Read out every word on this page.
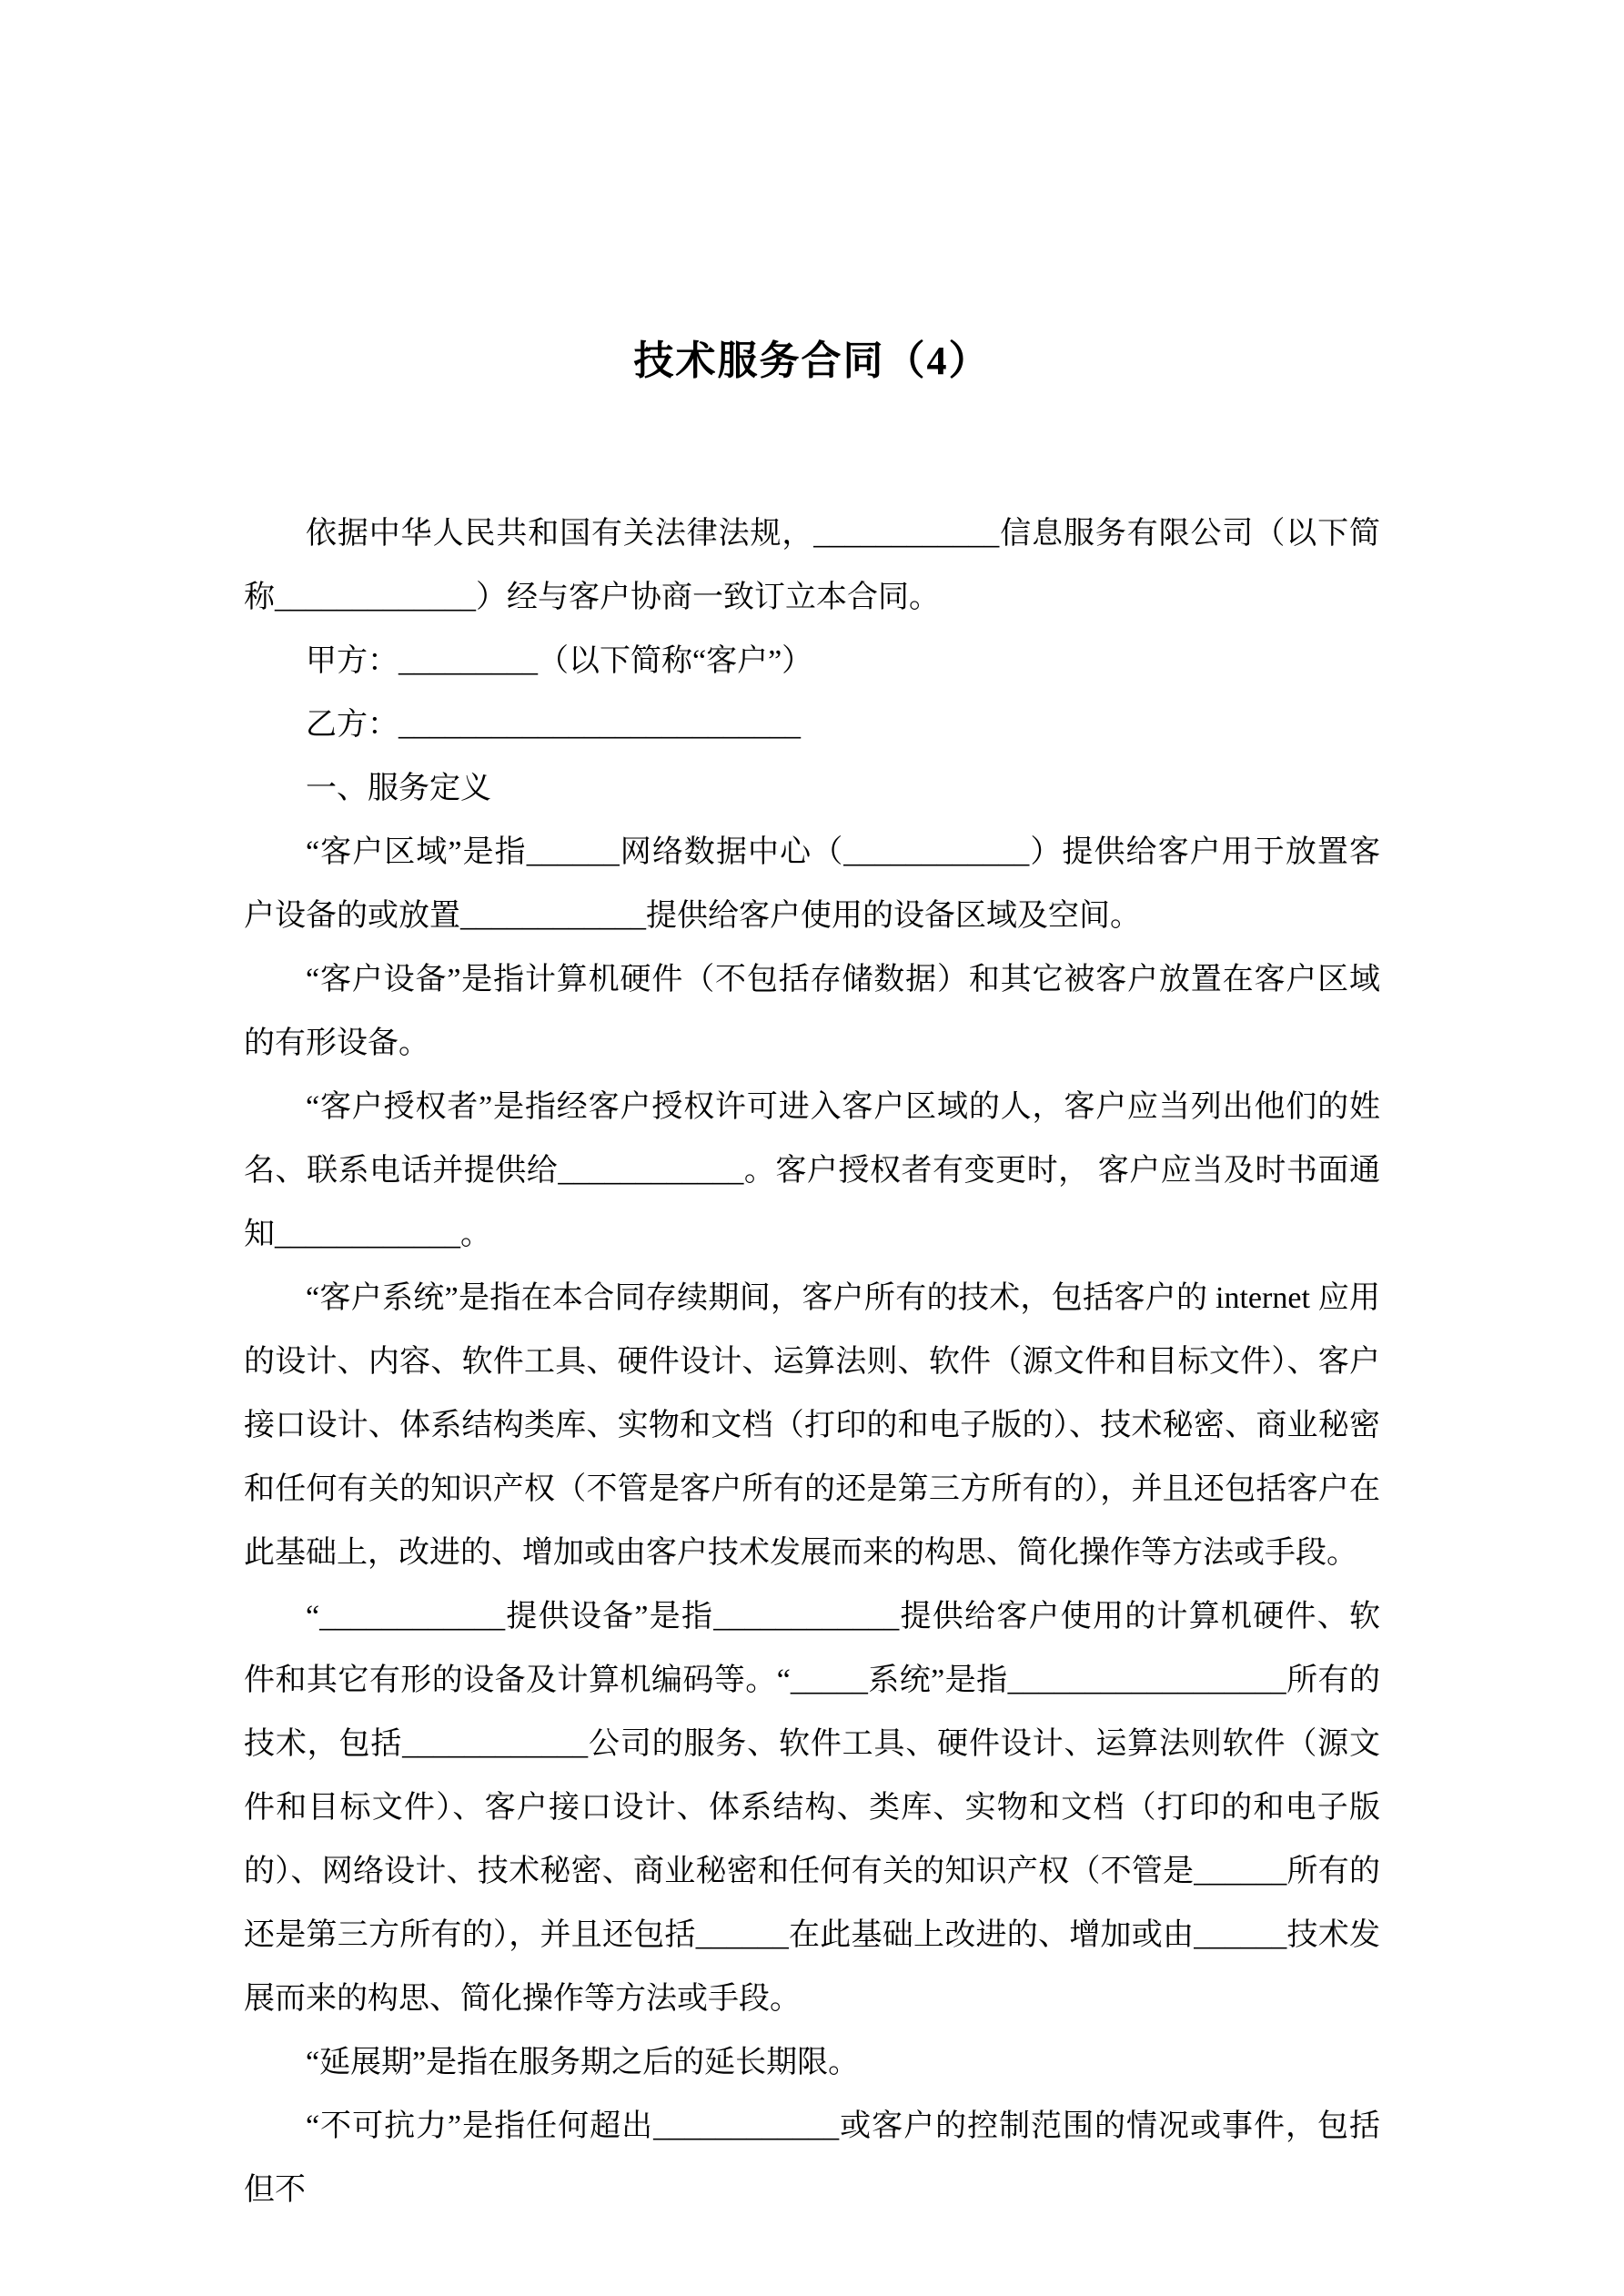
技术服务合同（4）

依据中华人民共和国有关法律法规，____________信息服务有限公司（以下简称_____________）经与客户协商一致订立本合同。

甲方：_________（以下简称“客户”）

乙方：__________________________

一、服务定义

“客户区域”是指______网络数据中心（____________）提供给客户用于放置客户设备的或放置____________提供给客户使用的设备区域及空间。

“客户设备”是指计算机硬件（不包括存储数据）和其它被客户放置在客户区域的有形设备。

“客户授权者”是指经客户授权许可进入客户区域的人，客户应当列出他们的姓名、联系电话并提供给____________。客户授权者有变更时， 客户应当及时书面通知____________。

“客户系统”是指在本合同存续期间，客户所有的技术，包括客户的 internet 应用的设计、内容、软件工具、硬件设计、运算法则、软件（源文件和目标文件）、客户接口设计、体系结构类库、实物和文档（打印的和电子版的）、技术秘密、商业秘密和任何有关的知识产权（不管是客户所有的还是第三方所有的），并且还包括客户在此基础上，改进的、增加或由客户技术发展而来的构思、简化操作等方法或手段。

“____________提供设备”是指____________提供给客户使用的计算机硬件、软件和其它有形的设备及计算机编码等。“_____系统”是指__________________所有的技术，包括____________公司的服务、软件工具、硬件设计、运算法则软件（源文件和目标文件）、客户接口设计、体系结构、类库、实物和文档（打印的和电子版的）、网络设计、技术秘密、商业秘密和任何有关的知识产权（不管是______所有的还是第三方所有的），并且还包括______在此基础上改进的、增加或由______技术发展而来的构思、简化操作等方法或手段。

“延展期”是指在服务期之后的延长期限。

“不可抗力”是指任何超出____________或客户的控制范围的情况或事件，包括但不
